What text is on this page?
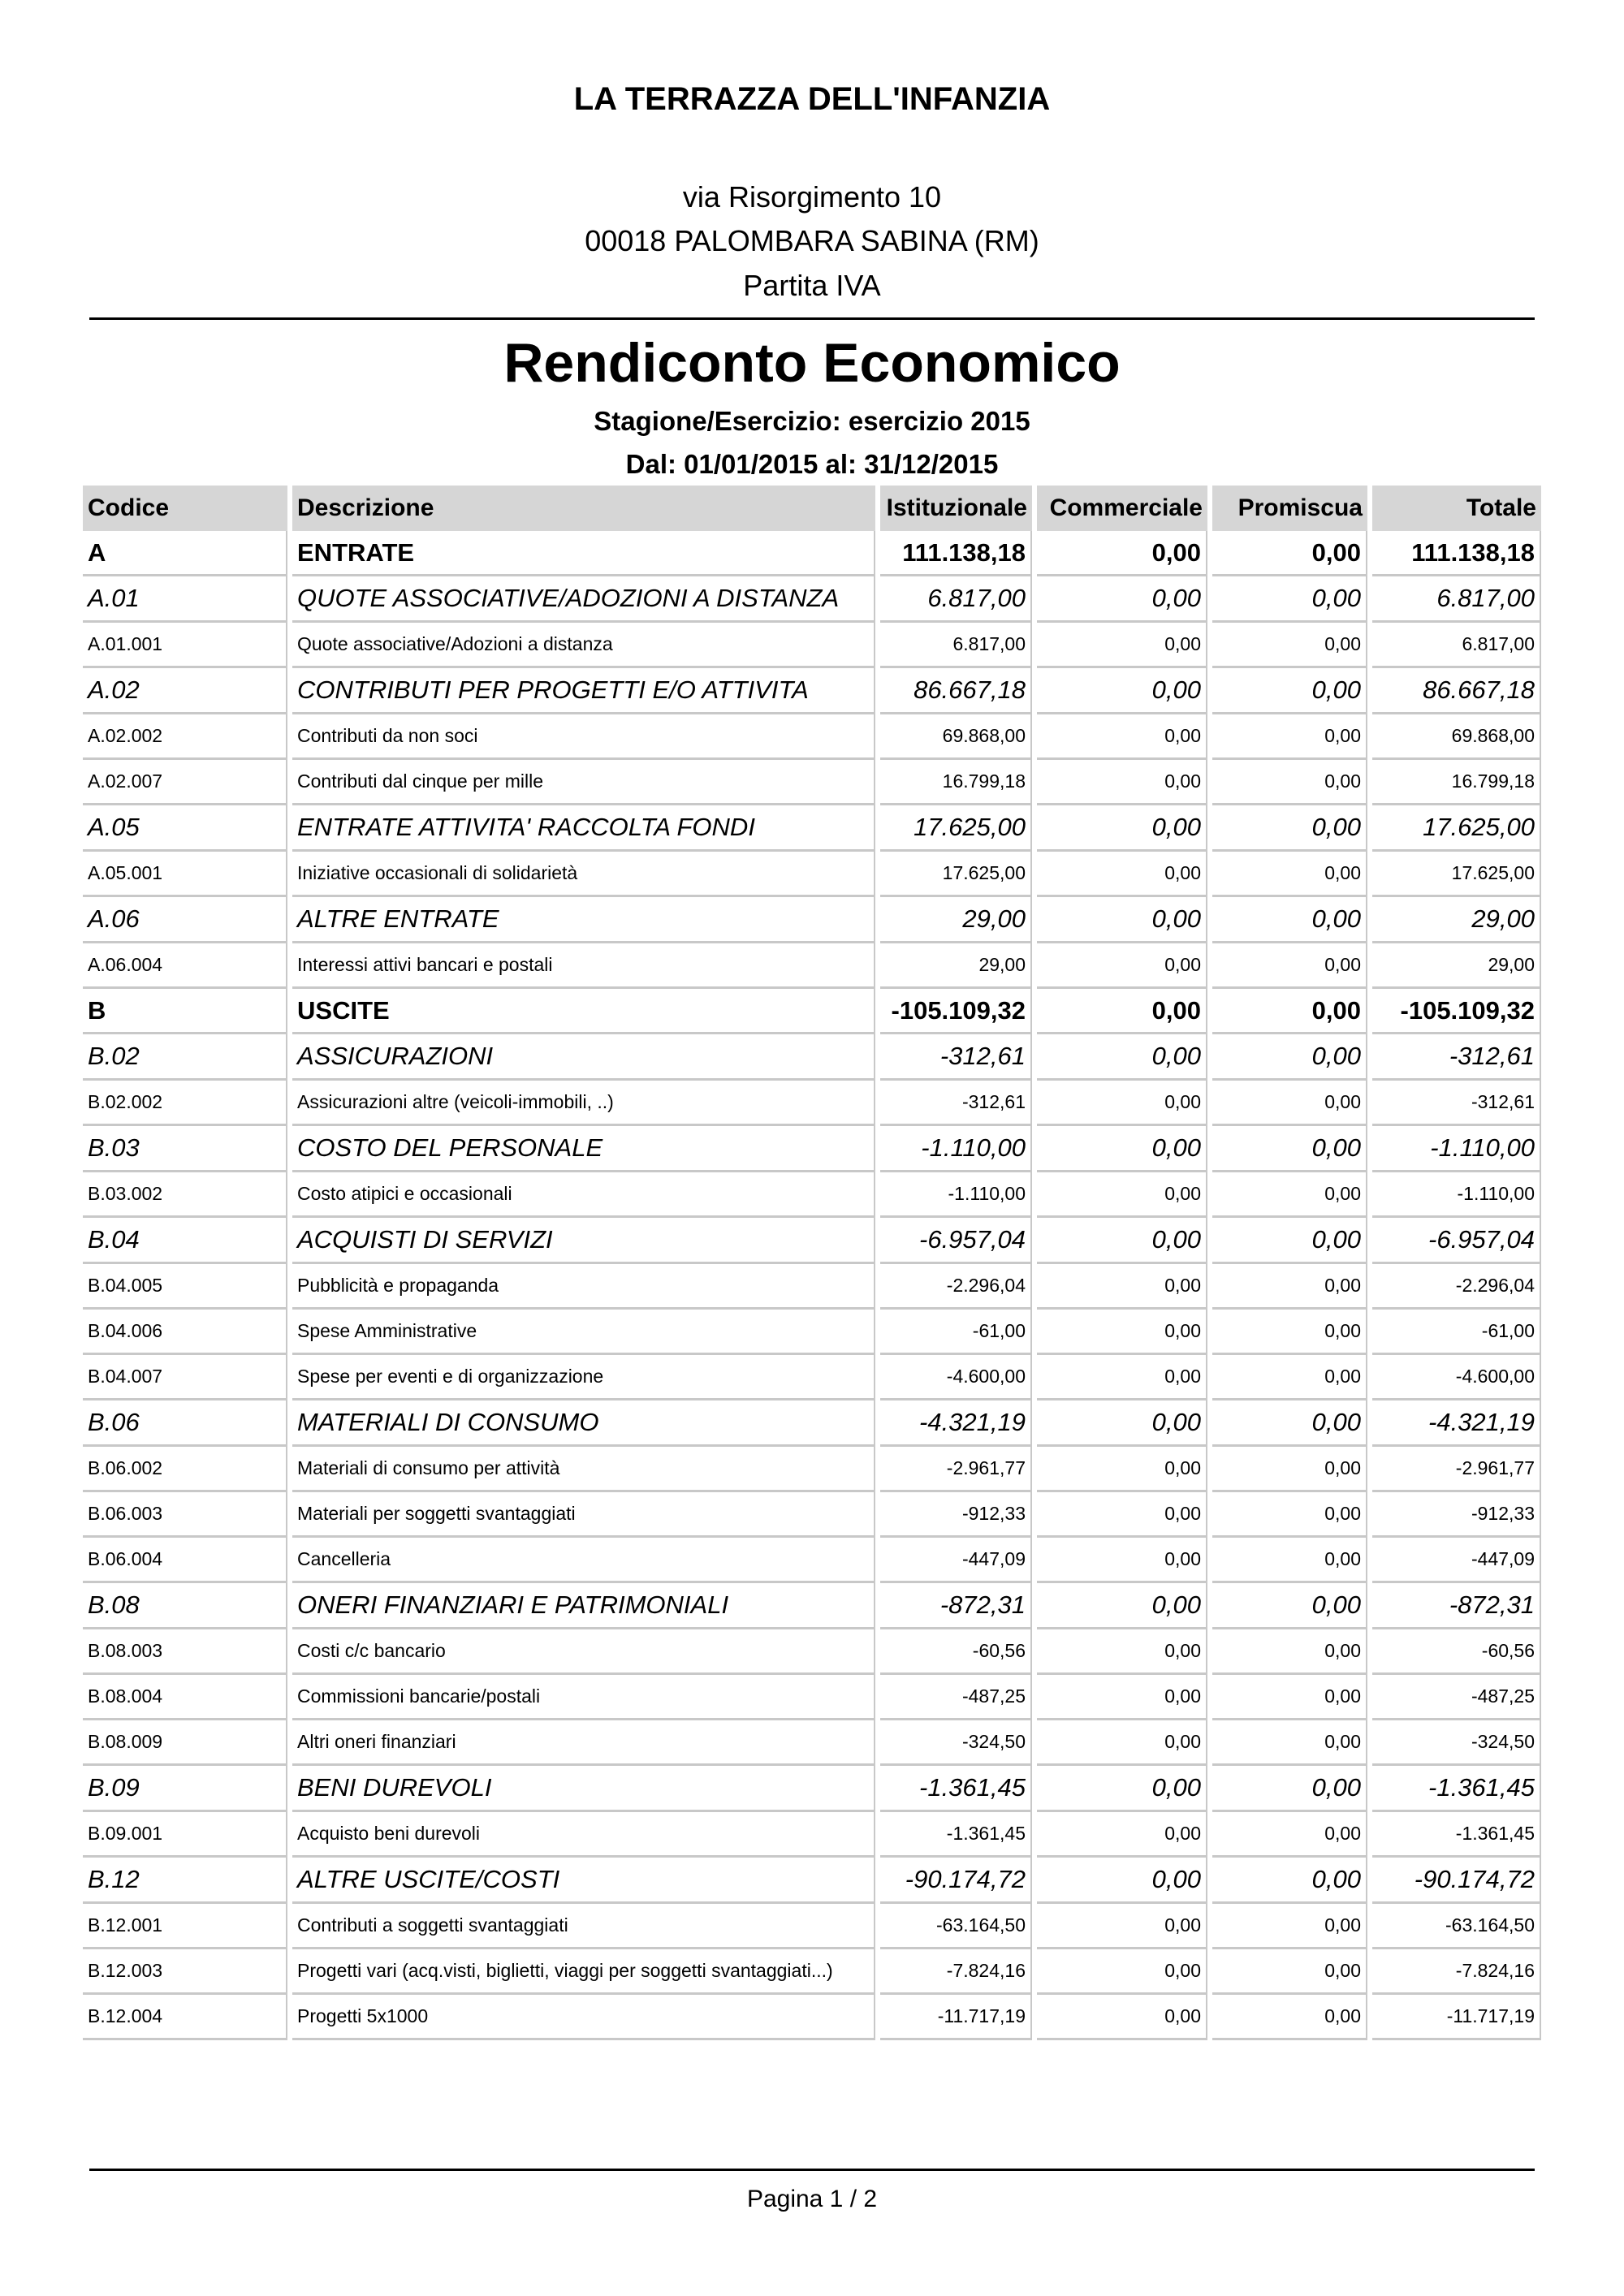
LA TERRAZZA DELL'INFANZIA
via Risorgimento 10
00018 PALOMBARA SABINA (RM)
Partita IVA
Rendiconto Economico
Stagione/Esercizio: esercizio 2015
Dal: 01/01/2015 al: 31/12/2015
Codice	Descrizione	Istituzionale	Commerciale	Promiscua	Totale
A	ENTRATE	111.138,18	0,00	0,00	111.138,18
A.01	QUOTE ASSOCIATIVE/ADOZIONI A DISTANZA	6.817,00	0,00	0,00	6.817,00
A.01.001	Quote associative/Adozioni a distanza	6.817,00	0,00	0,00	6.817,00
A.02	CONTRIBUTI PER PROGETTI E/O ATTIVITA	86.667,18	0,00	0,00	86.667,18
A.02.002	Contributi da non soci	69.868,00	0,00	0,00	69.868,00
A.02.007	Contributi dal cinque per mille	16.799,18	0,00	0,00	16.799,18
A.05	ENTRATE ATTIVITA' RACCOLTA FONDI	17.625,00	0,00	0,00	17.625,00
A.05.001	Iniziative occasionali di solidarietà	17.625,00	0,00	0,00	17.625,00
A.06	ALTRE ENTRATE	29,00	0,00	0,00	29,00
A.06.004	Interessi attivi bancari e postali	29,00	0,00	0,00	29,00
B	USCITE	-105.109,32	0,00	0,00	-105.109,32
B.02	ASSICURAZIONI	-312,61	0,00	0,00	-312,61
B.02.002	Assicurazioni altre (veicoli-immobili, ..)	-312,61	0,00	0,00	-312,61
B.03	COSTO DEL PERSONALE	-1.110,00	0,00	0,00	-1.110,00
B.03.002	Costo atipici e occasionali	-1.110,00	0,00	0,00	-1.110,00
B.04	ACQUISTI DI SERVIZI	-6.957,04	0,00	0,00	-6.957,04
B.04.005	Pubblicità e propaganda	-2.296,04	0,00	0,00	-2.296,04
B.04.006	Spese Amministrative	-61,00	0,00	0,00	-61,00
B.04.007	Spese per eventi e di organizzazione	-4.600,00	0,00	0,00	-4.600,00
B.06	MATERIALI DI CONSUMO	-4.321,19	0,00	0,00	-4.321,19
B.06.002	Materiali di consumo per attività	-2.961,77	0,00	0,00	-2.961,77
B.06.003	Materiali per soggetti svantaggiati	-912,33	0,00	0,00	-912,33
B.06.004	Cancelleria	-447,09	0,00	0,00	-447,09
B.08	ONERI FINANZIARI E PATRIMONIALI	-872,31	0,00	0,00	-872,31
B.08.003	Costi c/c bancario	-60,56	0,00	0,00	-60,56
B.08.004	Commissioni bancarie/postali	-487,25	0,00	0,00	-487,25
B.08.009	Altri oneri finanziari	-324,50	0,00	0,00	-324,50
B.09	BENI DUREVOLI	-1.361,45	0,00	0,00	-1.361,45
B.09.001	Acquisto beni durevoli	-1.361,45	0,00	0,00	-1.361,45
B.12	ALTRE USCITE/COSTI	-90.174,72	0,00	0,00	-90.174,72
B.12.001	Contributi a soggetti svantaggiati	-63.164,50	0,00	0,00	-63.164,50
B.12.003	Progetti vari (acq.visti, biglietti, viaggi per soggetti svantaggiati...)	-7.824,16	0,00	0,00	-7.824,16
B.12.004	Progetti 5x1000	-11.717,19	0,00	0,00	-11.717,19
Pagina 1 / 2
